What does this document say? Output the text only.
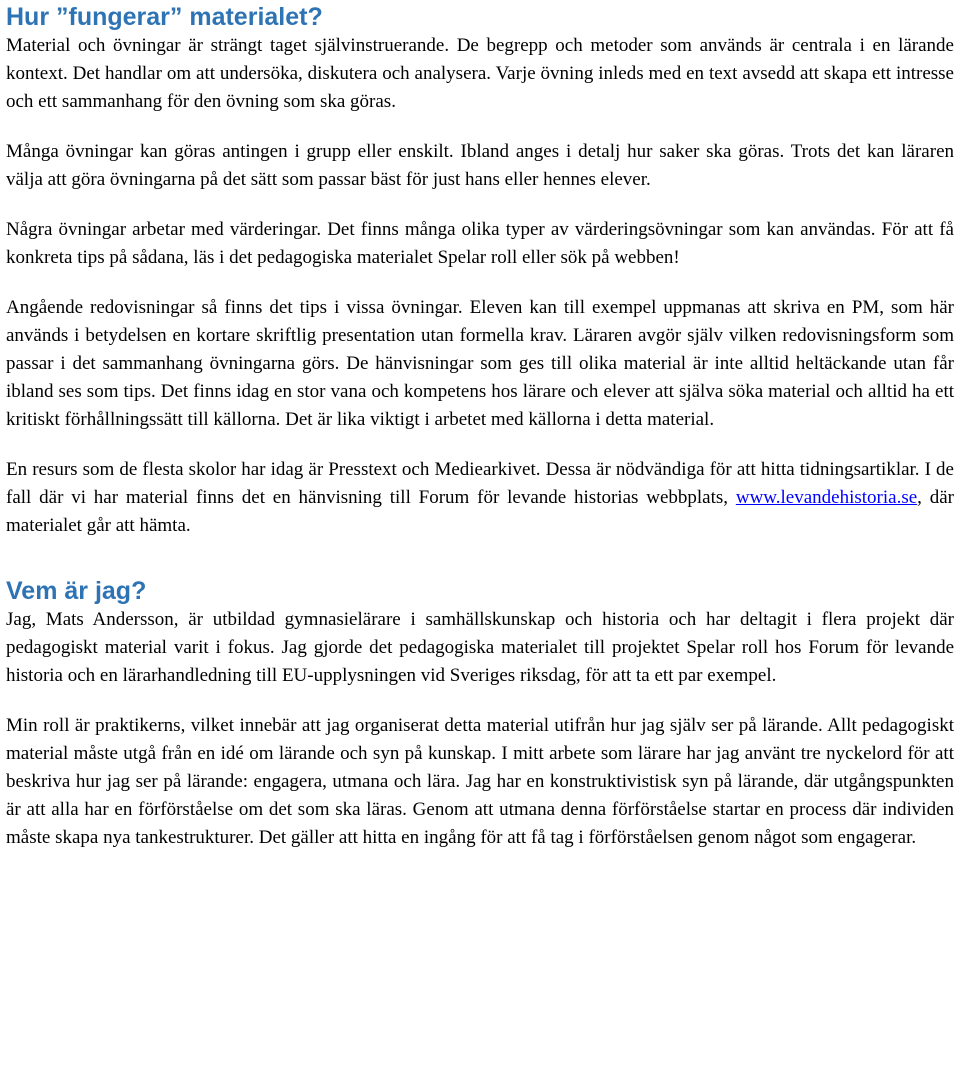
Hur ”fungerar” materialet?

Material och övningar är strängt taget självinstruerande. De begrepp och metoder som används är centrala i en lärande kontext. Det handlar om att undersöka, diskutera och analysera. Varje övning inleds med en text avsedd att skapa ett intresse och ett sammanhang för den övning som ska göras.

Många övningar kan göras antingen i grupp eller enskilt. Ibland anges i detalj hur saker ska göras. Trots det kan läraren välja att göra övningarna på det sätt som passar bäst för just hans eller hennes elever.

Några övningar arbetar med värderingar. Det finns många olika typer av värderingsövningar som kan användas. För att få konkreta tips på sådana, läs i det pedagogiska materialet Spelar roll eller sök på webben!

Angående redovisningar så finns det tips i vissa övningar. Eleven kan till exempel uppmanas att skriva en PM, som här används i betydelsen en kortare skriftlig presentation utan formella krav. Läraren avgör själv vilken redovisningsform som passar i det sammanhang övningarna görs. De hänvisningar som ges till olika material är inte alltid heltäckande utan får ibland ses som tips. Det finns idag en stor vana och kompetens hos lärare och elever att själva söka material och alltid ha ett kritiskt förhållningssätt till källorna. Det är lika viktigt i arbetet med källorna i detta material.

En resurs som de flesta skolor har idag är Presstext och Mediearkivet. Dessa är nödvändiga för att hitta tidningsartiklar. I de fall där vi har material finns det en hänvisning till Forum för levande historias webbplats, www.levandehistoria.se, där materialet går att hämta.

Vem är jag?

Jag, Mats Andersson, är utbildad gymnasielärare i samhällskunskap och historia och har deltagit i flera projekt där pedagogiskt material varit i fokus. Jag gjorde det pedagogiska materialet till projektet Spelar roll hos Forum för levande historia och en lärarhandledning till EU-upplysningen vid Sveriges riksdag, för att ta ett par exempel.

Min roll är praktikerns, vilket innebär att jag organiserat detta material utifrån hur jag själv ser på lärande. Allt pedagogiskt material måste utgå från en idé om lärande och syn på kunskap. I mitt arbete som lärare har jag använt tre nyckelord för att beskriva hur jag ser på lärande: engagera, utmana och lära. Jag har en konstruktivistisk syn på lärande, där utgångspunkten är att alla har en förförståelse om det som ska läras. Genom att utmana denna förförståelse startar en process där individen måste skapa nya tankestrukturer. Det gäller att hitta en ingång för att få tag i förförståelsen genom något som engagerar.
